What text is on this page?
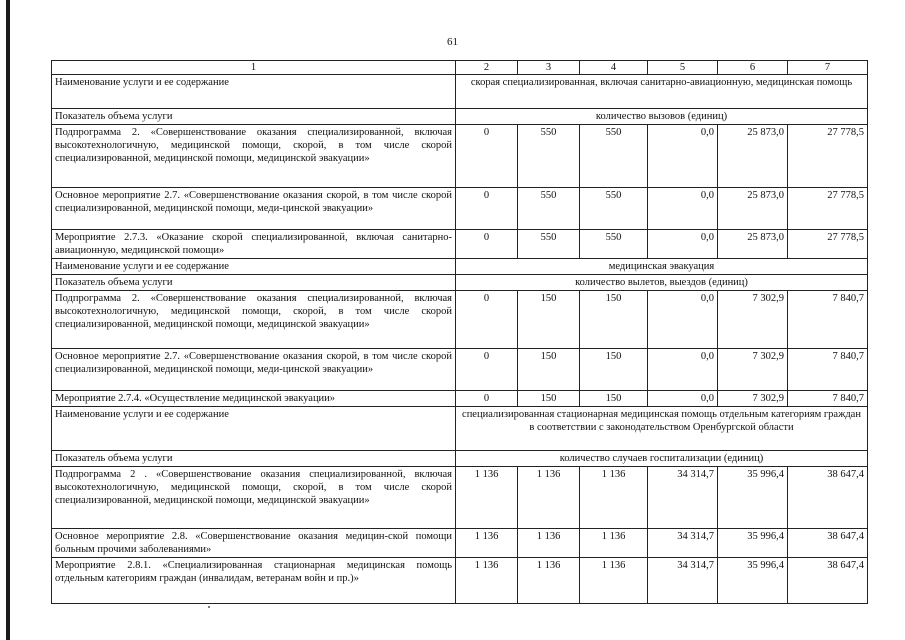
61
1	2	3	4	5	6	7
Наименование услуги и ее содержание	скорая специализированная, включая санитарно-авиационную, медицинская помощь					
Показатель объема услуги	количество вызовов (единиц)					
Подпрограмма 2. «Совершенствование оказания специализированной, включая высокотехнологичную, медицинской помощи, скорой, в том числе скорой специализированной, медицинской помощи, медицинской эвакуации»	0	550	550	0,0	25 873,0	27 778,5
Основное мероприятие 2.7. «Совершенствование оказания скорой, в том числе скорой специализированной, медицинской помощи, меди-цинской эвакуации»	0	550	550	0,0	25 873,0	27 778,5
Мероприятие 2.7.3. «Оказание скорой специализированной, включая санитарно-авиационную, медицинской помощи»	0	550	550	0,0	25 873,0	27 778,5
Наименование услуги и ее содержание	медицинская эвакуация					
Показатель объема услуги	количество вылетов, выездов (единиц)					
Подпрограмма 2. «Совершенствование оказания специализированной, включая высокотехнологичную, медицинской помощи, скорой, в том числе скорой специализированной, медицинской помощи, медицинской эвакуации»	0	150	150	0,0	7 302,9	7 840,7
Основное мероприятие 2.7. «Совершенствование оказания скорой, в том числе скорой специализированной, медицинской помощи, меди-цинской эвакуации»	0	150	150	0,0	7 302,9	7 840,7
Мероприятие 2.7.4. «Осуществление медицинской эвакуации»	0	150	150	0,0	7 302,9	7 840,7
Наименование услуги и ее содержание	специализированная стационарная медицинская помощь отдельным категориям граждан в соответствии с законодательством Оренбургской области					
Показатель объема услуги	количество случаев госпитализации (единиц)					
Подпрограмма 2 . «Совершенствование оказания специализированной, включая высокотехнологичную, медицинской помощи, скорой, в том числе скорой специализированной, медицинской помощи, медицинской эвакуации»	1 136	1 136	1 136	34 314,7	35 996,4	38 647,4
Основное мероприятие 2.8. «Совершенствование оказания медицин-ской помощи больным прочими заболеваниями»	1 136	1 136	1 136	34 314,7	35 996,4	38 647,4
Мероприятие 2.8.1. «Специализированная стационарная медицинская помощь отдельным категориям граждан (инвалидам, ветеранам войн и пр.)»	1 136	1 136	1 136	34 314,7	35 996,4	38 647,4
